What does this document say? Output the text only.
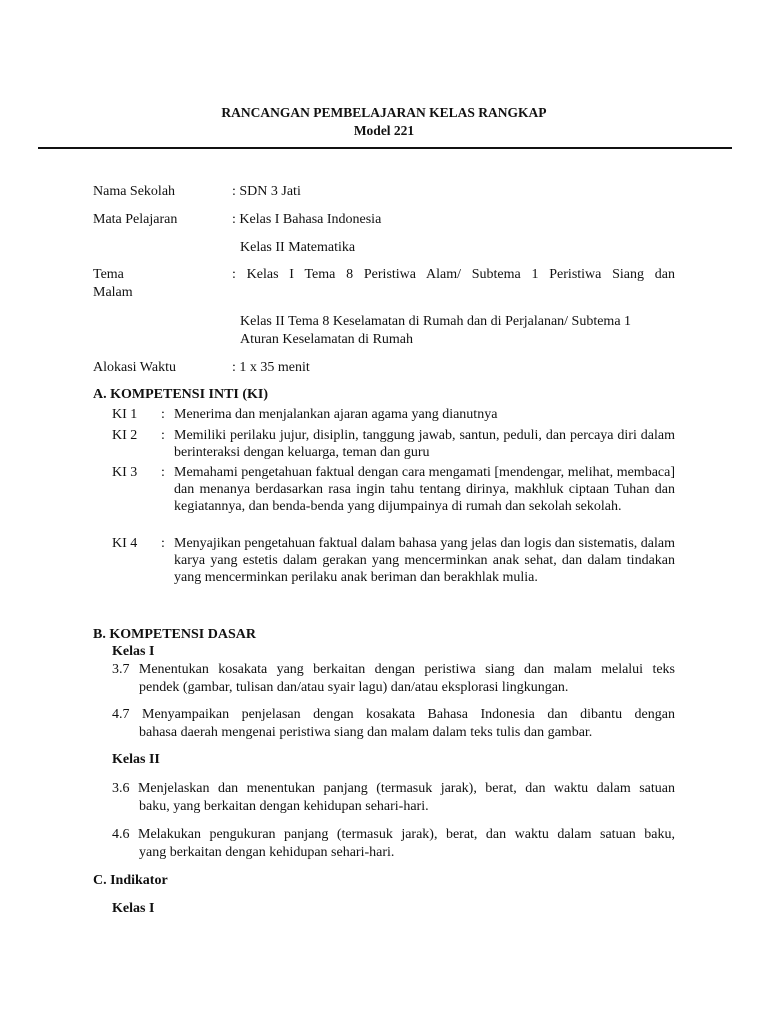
RANCANGAN PEMBELAJARAN KELAS RANGKAP
Model 221
Nama Sekolah	: SDN 3 Jati
Mata Pelajaran	: Kelas I Bahasa Indonesia
Kelas II Matematika
Tema	: Kelas I Tema 8 Peristiwa Alam/ Subtema 1 Peristiwa Siang dan
Malam
Kelas II Tema 8 Keselamatan di Rumah dan di Perjalanan/ Subtema 1
Aturan Keselamatan di Rumah
Alokasi Waktu	: 1 x 35 menit
A. KOMPETENSI INTI (KI)
KI 1 : Menerima dan menjalankan ajaran agama yang dianutnya
KI 2 : Memiliki perilaku jujur, disiplin, tanggung jawab, santun, peduli, dan percaya diri dalam berinteraksi dengan keluarga, teman dan guru
KI 3 : Memahami pengetahuan faktual dengan cara mengamati [mendengar, melihat, membaca] dan menanya berdasarkan rasa ingin tahu tentang dirinya, makhluk ciptaan Tuhan dan kegiatannya, dan benda-benda yang dijumpainya di rumah dan sekolah sekolah.
KI 4 : Menyajikan pengetahuan faktual dalam bahasa yang jelas dan logis dan sistematis, dalam karya yang estetis dalam gerakan yang mencerminkan anak sehat, dan dalam tindakan yang mencerminkan perilaku anak beriman dan berakhlak mulia.
B. KOMPETENSI DASAR
Kelas I
3.7 Menentukan kosakata yang berkaitan dengan peristiwa siang dan malam melalui teks
pendek (gambar, tulisan dan/atau syair lagu) dan/atau eksplorasi lingkungan.
4.7 Menyampaikan penjelasan dengan kosakata Bahasa Indonesia dan dibantu dengan
bahasa daerah mengenai peristiwa siang dan malam dalam teks tulis dan gambar.
Kelas II
3.6 Menjelaskan dan menentukan panjang (termasuk jarak), berat, dan waktu dalam satuan
baku, yang berkaitan dengan kehidupan sehari-hari.
4.6 Melakukan pengukuran panjang (termasuk jarak), berat, dan waktu dalam satuan baku,
yang berkaitan dengan kehidupan sehari-hari.
C. Indikator
Kelas I
